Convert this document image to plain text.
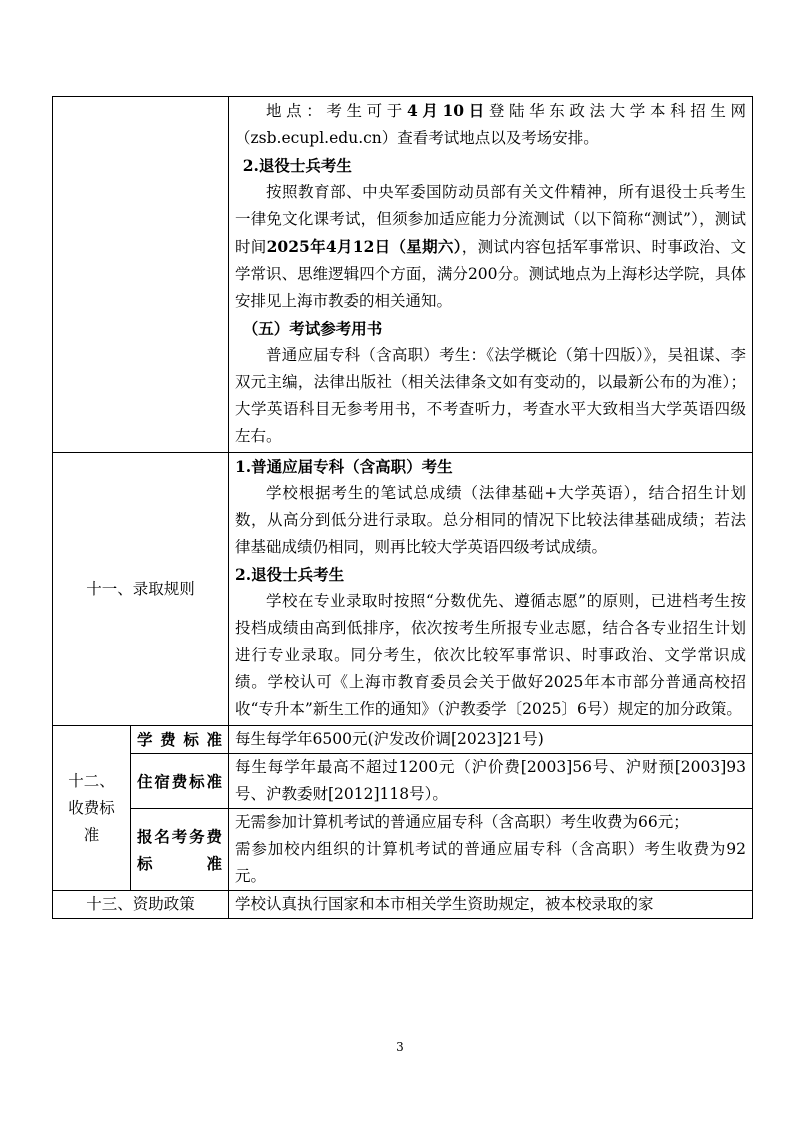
		地点：考生可于4月10日登陆华东政法大学本科招生网（zsb.ecupl.edu.cn）查看考试地点以及考场安排。

2.退役士兵考生

按照教育部、中央军委国防动员部有关文件精神，所有退役士兵考生一律免文化课考试，但须参加适应能力分流测试（以下简称“测试”），测试时间2025年4月12日（星期六），测试内容包括军事常识、时事政治、文学常识、思维逻辑四个方面，满分200分。测试地点为上海杉达学院，具体安排见上海市教委的相关通知。

（五）考试参考用书

普通应届专科（含高职）考生：《法学概论（第十四版）》，吴祖谋、李双元主编，法律出版社（相关法律条文如有变动的，以最新公布的为准）；大学英语科目无参考用书，不考查听力，考查水平大致相当大学英语四级左右。

十一、录取规则		1.普通应届专科（含高职）考生

学校根据考生的笔试总成绩（法律基础+大学英语），结合招生计划数，从高分到低分进行录取。总分相同的情况下比较法律基础成绩；若法律基础成绩仍相同，则再比较大学英语四级考试成绩。

2.退役士兵考生

学校在专业录取时按照“分数优先、遵循志愿”的原则，已进档考生按投档成绩由高到低排序，依次按考生所报专业志愿，结合各专业招生计划进行专业录取。同分考生，依次比较军事常识、时事政治、文学常识成绩。学校认可《上海市教育委员会关于做好2025年本市部分普通高校招收“专升本”新生工作的通知》（沪教委学〔2025〕6号）规定的加分政策。

十二、收费标准	学费标准	每生每学年6500元(沪发改价调[2023]21号)
	住宿费标准	每生每学年最高不超过1200元（沪价费[2003]56号、沪财预[2003]93号、沪教委财[2012]118号）。
	报名考务费标准	无需参加计算机考试的普通应届专科（含高职）考生收费为66元；

需参加校内组织的计算机考试的普通应届专科（含高职）考生收费为92元。

十三、资助政策		学校认真执行国家和本市相关学生资助规定，被本校录取的家
3
